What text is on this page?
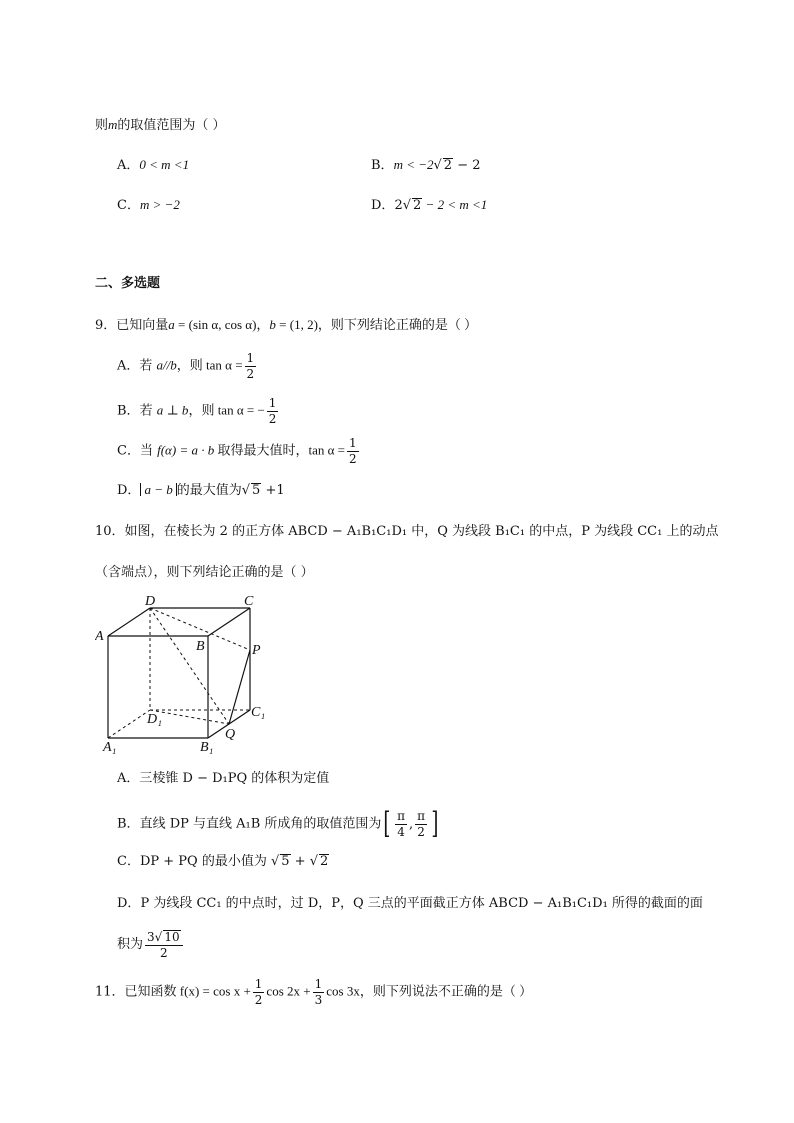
则m的取值范围为（ ）
A．0 < m <1	B．m < −2√ 2 − 2
C．m > −2	D．2√ 2 − 2 < m <1
二、多选题
9．已知向量a = (sin α, cos α)，b = (1, 2)，则下列结论正确的是（ ）
A．若 a//b，则 $\tan \alpha = \frac{1}{2}$
B．若 a ⊥ b，则 tan α = − $\frac{1}{2}$
C．当 f(α) = a · b 取得最大值时，$\tan \alpha = \frac{1}{2}$
D． a − b 的最大值为√ 5 +1
10．如图，在棱长为 2 的正方体 ABCD − A₁B₁C₁D₁ 中，Q 为线段 B₁C₁ 的中点，P 为线段 CC₁ 上的动点
（含端点），则下列结论正确的是（ ）
D	C
A
B	P
D₁	C₁
A₁	B₁
Q
A．三棱锥 D − D₁PQ 的体积为定值
B．直线 DP 与直线 A₁B 所成角的取值范围为 [ $\frac{\pi}{4}$ , $\frac{\pi}{2}$ ]
C．DP + PQ 的最小值为 √ 5 + √ 2
D．P 为线段 CC₁ 的中点时，过 D，P，Q 三点的平面截正方体 ABCD − A₁B₁C₁D₁ 所得的截面的面
积为 $\frac{3√ 10}{2}$
11．已知函数 $f(x) = \cos x + \frac{1}{2}$ $\cos 2x + \frac{1}{3}$ cos 3x，则下列说法不正确的是（ ）
